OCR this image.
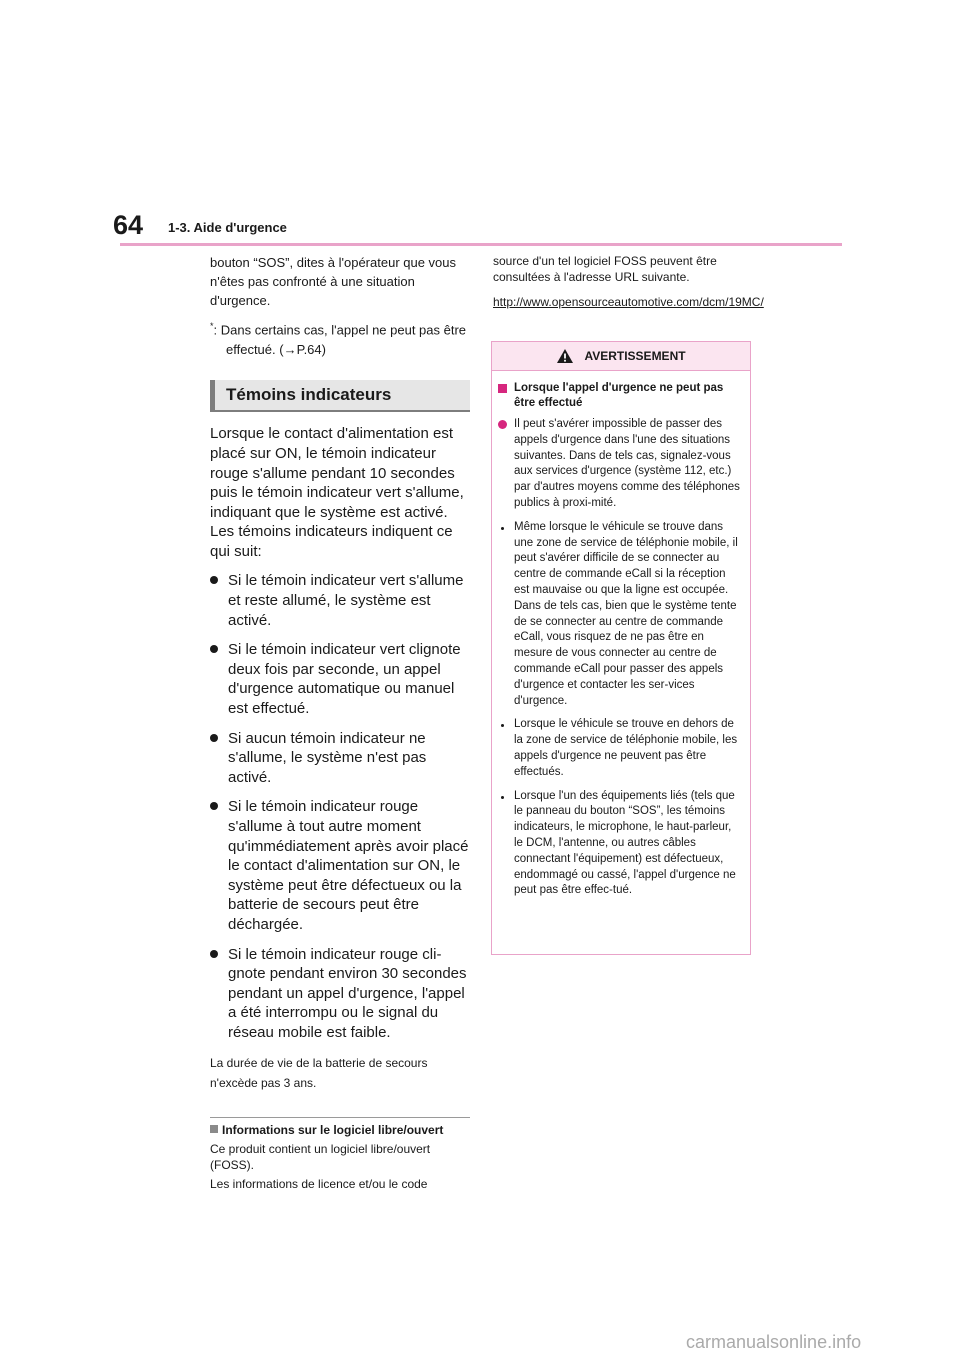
64 1-3. Aide d'urgence

bouton “SOS”, dites à l'opérateur que vous

n'êtes pas confronté à une situation

d'urgence.

*: Dans certains cas, l'appel ne peut pas être effectué. (→P.64)

Témoins indicateurs

Lorsque le contact d'alimentation est placé sur ON, le témoin indicateur rouge s'allume pendant 10 secondes puis le témoin indicateur vert s'allume, indiquant que le système est activé. Les témoins indicateurs indiquent ce qui suit:

Si le témoin indicateur vert s'allume et reste allumé, le système est activé.
Si le témoin indicateur vert clignote deux fois par seconde, un appel d'urgence automatique ou manuel est effectué.
Si aucun témoin indicateur ne s'allume, le système n'est pas activé.
Si le témoin indicateur rouge s'allume à tout autre moment qu'immédiatement après avoir placé le contact d'alimentation sur ON, le système peut être défectueux ou la batterie de secours peut être déchargée.
Si le témoin indicateur rouge cli-gnote pendant environ 30 secondes pendant un appel d'urgence, l'appel a été interrompu ou le signal du réseau mobile est faible.

La durée de vie de la batterie de secours n'excède pas 3 ans.

Informations sur le logiciel libre/ouvert

Ce produit contient un logiciel libre/ouvert (FOSS).

Les informations de licence et/ou le code

source d'un tel logiciel FOSS peuvent être consultées à l'adresse URL suivante.

http://www.opensourceautomotive.com/dcm/19MC/
AVERTISSEMENT
Lorsque l'appel d'urgence ne peut pas être effectué
Il peut s'avérer impossible de passer des appels d'urgence dans l'une des situations suivantes. Dans de tels cas, signalez-vous aux services d'urgence (système 112, etc.) par d'autres moyens comme des téléphones publics à proxi-mité.
Même lorsque le véhicule se trouve dans une zone de service de téléphonie mobile, il peut s'avérer difficile de se connecter au centre de commande eCall si la réception est mauvaise ou que la ligne est occupée. Dans de tels cas, bien que le système tente de se connecter au centre de commande eCall, vous risquez de ne pas être en mesure de vous connecter au centre de commande eCall pour passer des appels d'urgence et contacter les ser-vices d'urgence.
Lorsque le véhicule se trouve en dehors de la zone de service de téléphonie mobile, les appels d'urgence ne peuvent pas être effectués.
Lorsque l'un des équipements liés (tels que le panneau du bouton “SOS”, les témoins indicateurs, le microphone, le haut-parleur, le DCM, l'antenne, ou autres câbles connectant l'équipement) est défectueux, endommagé ou cassé, l'appel d'urgence ne peut pas être effec-tué.
carmanualsonline.info
